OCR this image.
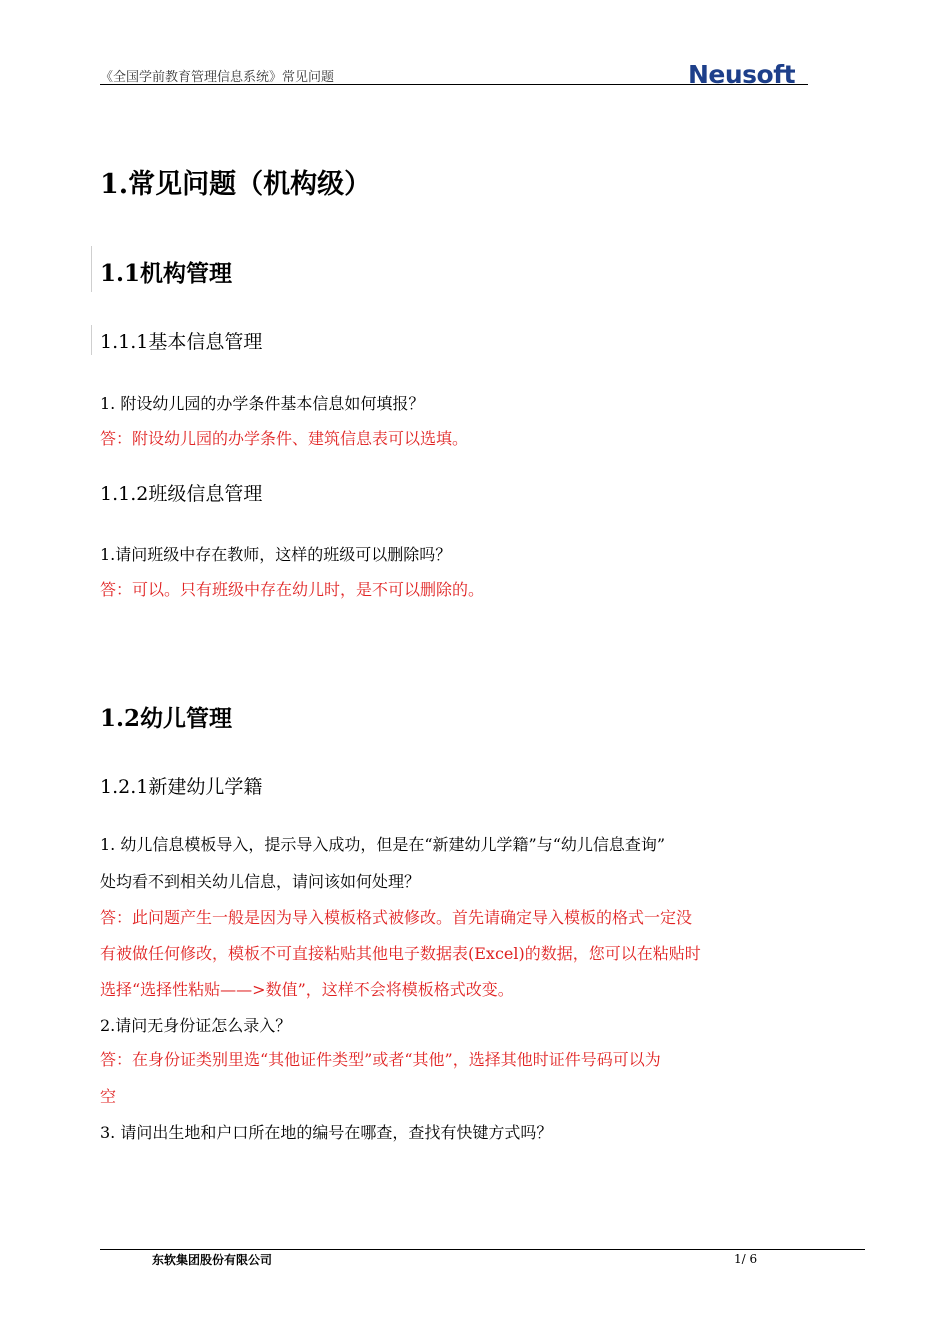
《全国学前教育管理信息系统》常见问题	Neusoft
1.常见问题（机构级）
1.1机构管理
1.1.1基本信息管理
1. 附设幼儿园的办学条件基本信息如何填报？
答：附设幼儿园的办学条件、建筑信息表可以选填。
1.1.2班级信息管理
1.请问班级中存在教师，这样的班级可以删除吗？
答：可以。只有班级中存在幼儿时，是不可以删除的。
1.2幼儿管理
1.2.1新建幼儿学籍
1. 幼儿信息模板导入，提示导入成功，但是在“新建幼儿学籍”与“幼儿信息查询”
处均看不到相关幼儿信息，请问该如何处理？
答：此问题产生一般是因为导入模板格式被修改。首先请确定导入模板的格式一定没
有被做任何修改，模板不可直接粘贴其他电子数据表(Excel)的数据，您可以在粘贴时
选择“选择性粘贴——>数值”，这样不会将模板格式改变。
2.请问无身份证怎么录入？
答：在身份证类别里选“其他证件类型”或者“其他”，选择其他时证件号码可以为
空
3. 请问出生地和户口所在地的编号在哪查，查找有快键方式吗？
东软集团股份有限公司	1/ 6
